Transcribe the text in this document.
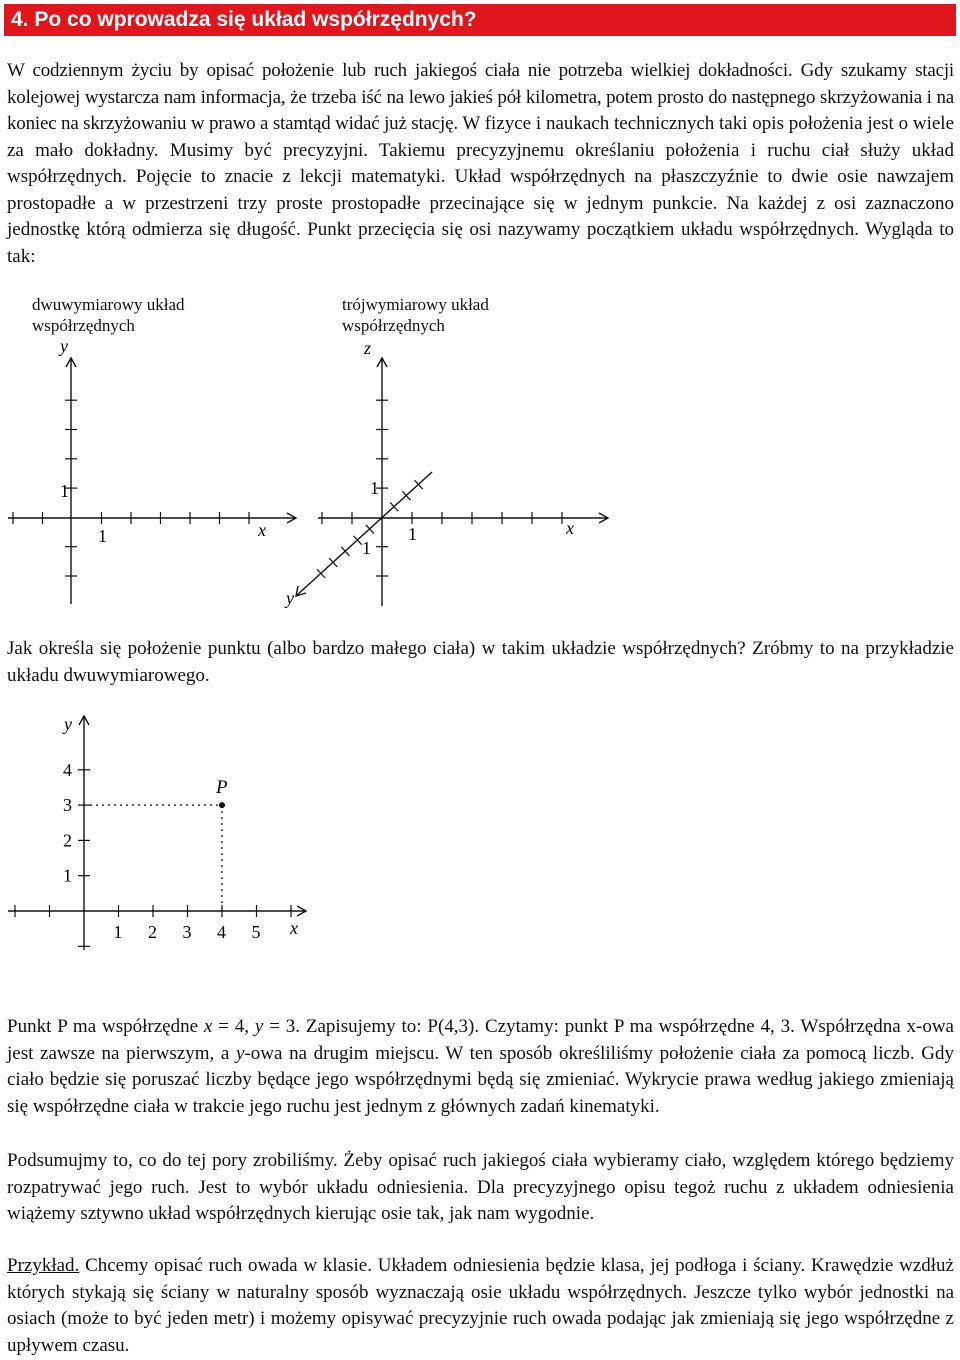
4. Po co wprowadza się układ współrzędnych?

W codziennym życiu by opisać położenie lub ruch jakiegoś ciała nie potrzeba wielkiej dokładności. Gdy szukamy stacji kolejowej wystarcza nam informacja, że trzeba iść na lewo jakieś pół kilometra, potem prosto do następnego skrzyżowania i na koniec na skrzyżowaniu w prawo a stamtąd widać już stację. W fizyce i naukach technicznych taki opis położenia jest o wiele za mało dokładny. Musimy być precyzyjni. Takiemu precyzyjnemu określaniu położenia i ruchu ciał służy układ współrzędnych. Pojęcie to znacie z lekcji matematyki. Układ współrzędnych na płaszczyźnie to dwie osie nawzajem prostopadłe a w przestrzeni trzy proste prostopadłe przecinające się w jednym punkcie. Na każdej z osi zaznaczono jednostkę którą odmierza się długość. Punkt przecięcia się osi nazywamy początkiem układu współrzędnych. Wygląda to tak:

dwuwymiarowy układ
współrzędnych
trójwymiarowy układ
współrzędnych
y
x
1
1
z
x
y
1
1
1

Jak określa się położenie punktu (albo bardzo małego ciała) w takim układzie współrzędnych? Zróbmy to na przykładzie układu dwuwymiarowego.

1 2 3 4 5
4
3
2
1
y
x
P

Punkt P ma współrzędne x = 4, y = 3. Zapisujemy to: P(4,3). Czytamy: punkt P ma współrzędne 4, 3. Współrzędna x-owa jest zawsze na pierwszym, a y-owa na drugim miejscu. W ten sposób określiliśmy położenie ciała za pomocą liczb. Gdy ciało będzie się poruszać liczby będące jego współrzędnymi będą się zmieniać. Wykrycie prawa według jakiego zmieniają się współrzędne ciała w trakcie jego ruchu jest jednym z głównych zadań kinematyki.

Podsumujmy to, co do tej pory zrobiliśmy. Żeby opisać ruch jakiegoś ciała wybieramy ciało, względem którego będziemy rozpatrywać jego ruch. Jest to wybór układu odniesienia. Dla precyzyjnego opisu tegoż ruchu z układem odniesienia wiążemy sztywno układ współrzędnych kierując osie tak, jak nam wygodnie.

Przykład. Chcemy opisać ruch owada w klasie. Układem odniesienia będzie klasa, jej podłoga i ściany. Krawędzie wzdłuż których stykają się ściany w naturalny sposób wyznaczają osie układu współrzędnych. Jeszcze tylko wybór jednostki na osiach (może to być jeden metr) i możemy opisywać precyzyjnie ruch owada podając jak zmieniają się jego współrzędne z upływem czasu.
